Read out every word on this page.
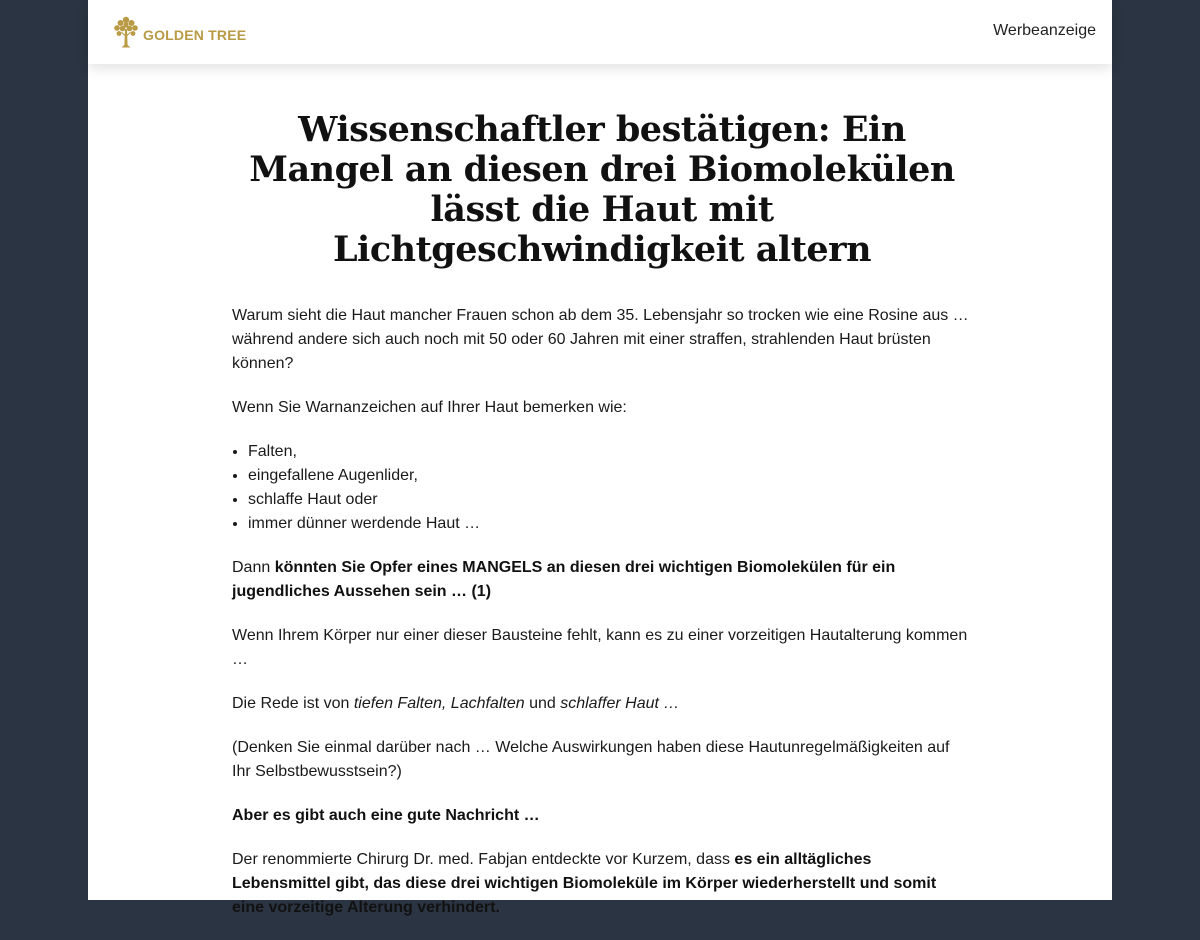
GOLDEN TREE	Werbeanzeige
Wissenschaftler bestätigen: Ein Mangel an diesen drei Biomolekülen lässt die Haut mit Lichtgeschwindigkeit altern

Warum sieht die Haut mancher Frauen schon ab dem 35. Lebensjahr so trocken wie eine Rosine aus … während andere sich auch noch mit 50 oder 60 Jahren mit einer straffen, strahlenden Haut brüsten können?

Wenn Sie Warnanzeichen auf Ihrer Haut bemerken wie:

• Falten,
• eingefallene Augenlider,
• schlaffe Haut oder
• immer dünner werdende Haut …

Dann könnten Sie Opfer eines MANGELS an diesen drei wichtigen Biomolekülen für ein jugendliches Aussehen sein … (1)

Wenn Ihrem Körper nur einer dieser Bausteine fehlt, kann es zu einer vorzeitigen Hautalterung kommen …

Die Rede ist von tiefen Falten, Lachfalten und schlaffer Haut …

(Denken Sie einmal darüber nach … Welche Auswirkungen haben diese Hautunregelmäßigkeiten auf Ihr Selbstbewusstsein?)

Aber es gibt auch eine gute Nachricht …

Der renommierte Chirurg Dr. med. Fabjan entdeckte vor Kurzem, dass es ein alltägliches Lebensmittel gibt, das diese drei wichtigen Biomoleküle im Körper wiederherstellt und somit eine vorzeitige Alterung verhindert.
